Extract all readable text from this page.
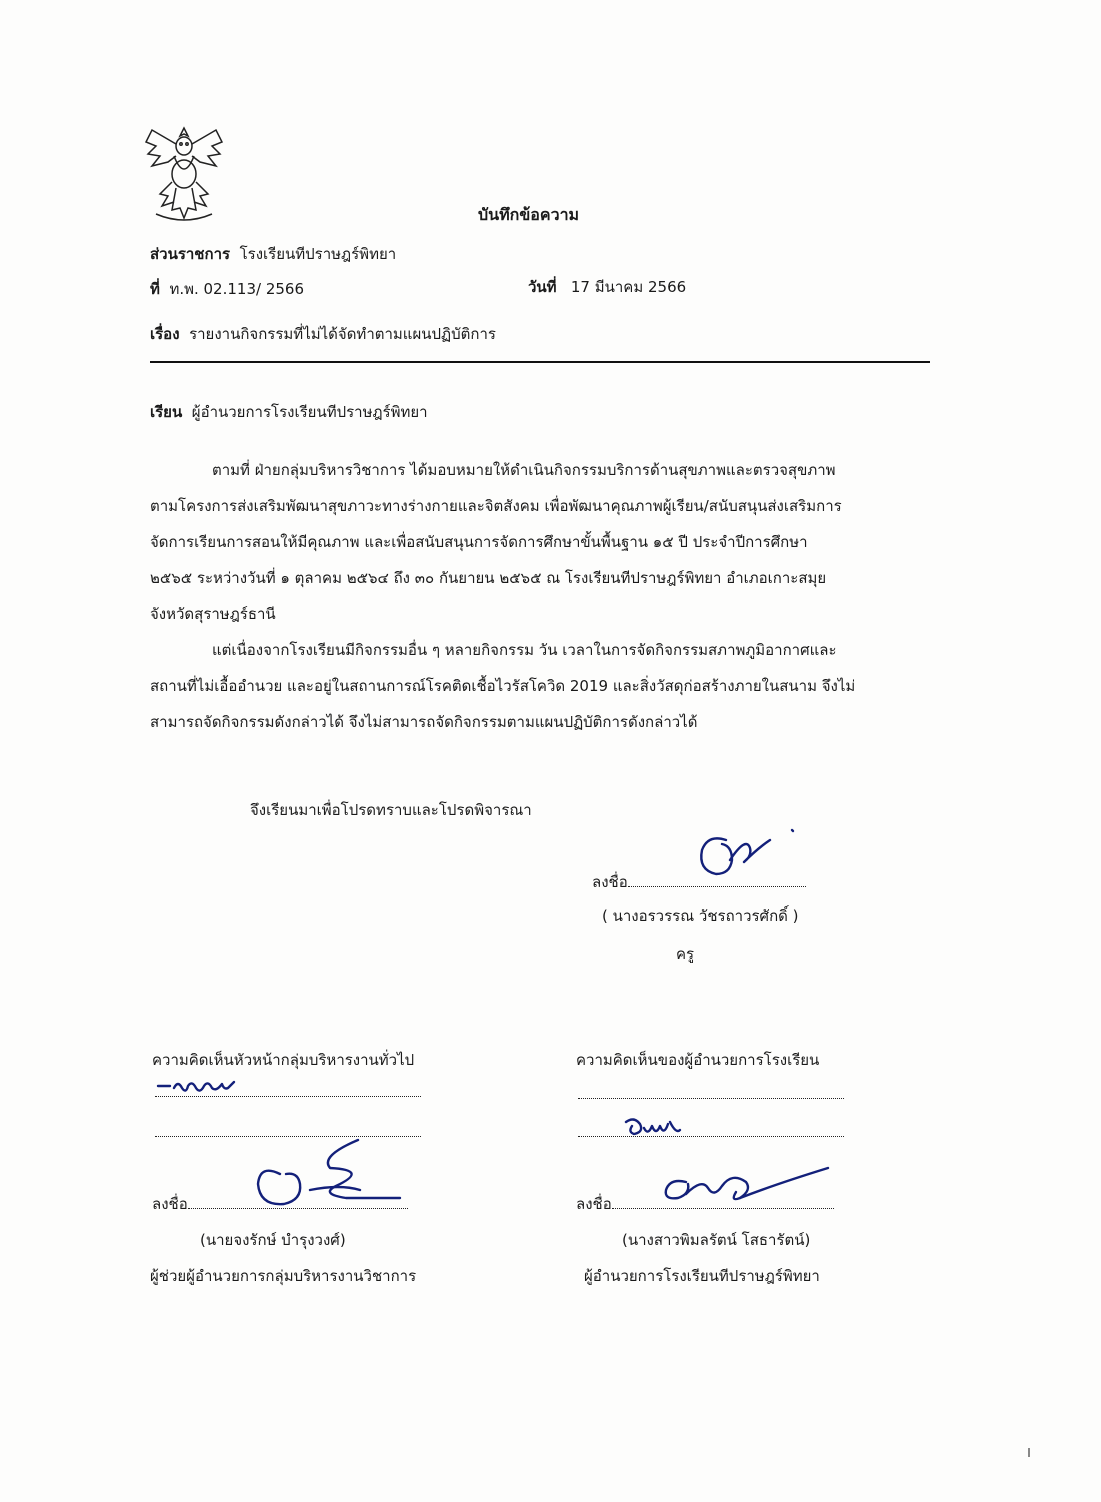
บันทึกข้อความ
ส่วนราชการ โรงเรียนทีปราษฎร์พิทยา
ที่ ท.พ. 02.113/ 2566	วันที่ 17 มีนาคม 2566
เรื่อง รายงานกิจกรรมที่ไม่ได้จัดทำตามแผนปฏิบัติการ
เรียน ผู้อำนวยการโรงเรียนทีปราษฎร์พิทยา
ตามที่ ฝ่ายกลุ่มบริหารวิชาการ ได้มอบหมายให้ดำเนินกิจกรรมบริการด้านสุขภาพและตรวจสุขภาพ
ตามโครงการส่งเสริมพัฒนาสุขภาวะทางร่างกายและจิตสังคม เพื่อพัฒนาคุณภาพผู้เรียน/สนับสนุนส่งเสริมการ
จัดการเรียนการสอนให้มีคุณภาพ และเพื่อสนับสนุนการจัดการศึกษาขั้นพื้นฐาน ๑๕ ปี ประจำปีการศึกษา
๒๕๖๕ ระหว่างวันที่ ๑ ตุลาคม ๒๕๖๔ ถึง ๓๐ กันยายน ๒๕๖๕ ณ โรงเรียนทีปราษฎร์พิทยา อำเภอเกาะสมุย
จังหวัดสุราษฎร์ธานี
แต่เนื่องจากโรงเรียนมีกิจกรรมอื่น ๆ หลายกิจกรรม วัน เวลาในการจัดกิจกรรมสภาพภูมิอากาศและ
สถานที่ไม่เอื้ออำนวย และอยู่ในสถานการณ์โรคติดเชื้อไวรัสโควิด 2019 และสิ่งวัสดุก่อสร้างภายในสนาม จึงไม่
สามารถจัดกิจกรรมดังกล่าวได้ จึงไม่สามารถจัดกิจกรรมตามแผนปฏิบัติการดังกล่าวได้
จึงเรียนมาเพื่อโปรดทราบและโปรดพิจารณา
ลงชื่อ
( นางอรวรรณ วัชรถาวรศักดิ์ )
ครู
ความคิดเห็นหัวหน้ากลุ่มบริหารงานทั่วไป
ลงชื่อ
(นายจงรักษ์ บำรุงวงศ์)
ผู้ช่วยผู้อำนวยการกลุ่มบริหารงานวิชาการ
ความคิดเห็นของผู้อำนวยการโรงเรียน
ลงชื่อ
(นางสาวพิมลรัตน์ โสธารัตน์)
ผู้อำนวยการโรงเรียนทีปราษฎร์พิทยา
